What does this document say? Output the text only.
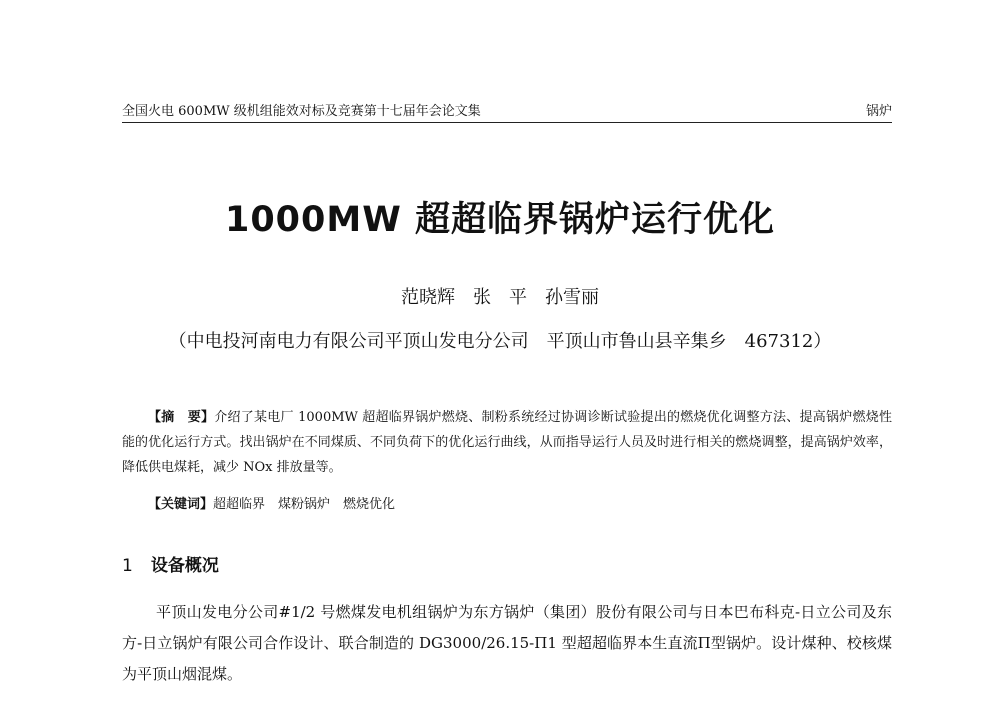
全国火电 600MW 级机组能效对标及竞赛第十七届年会论文集	锅炉
1000MW 超超临界锅炉运行优化
范晓辉　张　平　孙雪丽
（中电投河南电力有限公司平顶山发电分公司　平顶山市鲁山县辛集乡　467312）

【摘　要】介绍了某电厂 1000MW 超超临界锅炉燃烧、制粉系统经过协调诊断试验提出的燃烧优化调整方法、提高锅炉燃烧性能的优化运行方式。找出锅炉在不同煤质、不同负荷下的优化运行曲线，从而指导运行人员及时进行相关的燃烧调整，提高锅炉效率，降低供电煤耗，减少 NOx 排放量等。

【关键词】超超临界　煤粉锅炉　燃烧优化
1 设备概况

平顶山发电分公司#1/2 号燃煤发电机组锅炉为东方锅炉（集团）股份有限公司与日本巴布科克-日立公司及东方-日立锅炉有限公司合作设计、联合制造的 DG3000/26.15-Π1 型超超临界本生直流Π型锅炉。设计煤种、校核煤为平顶山烟混煤。
